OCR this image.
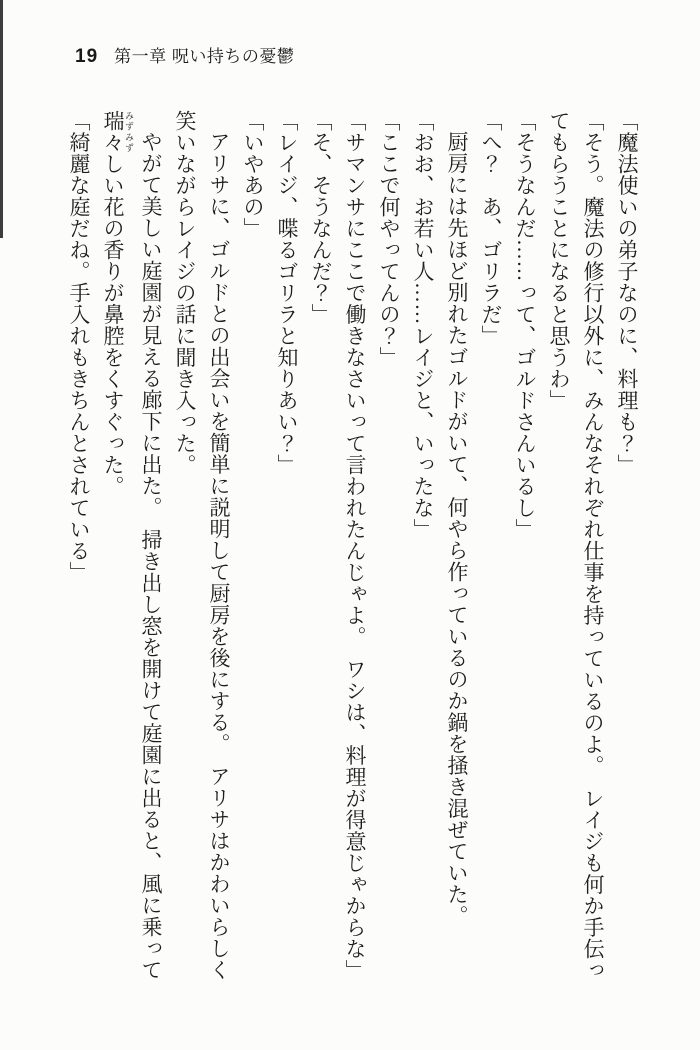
19 第一章 呪い持ちの憂鬱

「魔法使いの弟子なのに、料理も？」

「そう。魔法の修行以外に、みんなそれぞれ仕事を持っているのよ。　レイジも何か手伝っ

てもらうことになると思うわ」

「そうなんだ……って、ゴルドさんいるし」

「へ？　あ、ゴリラだ」

厨房には先ほど別れたゴルドがいて、何やら作っているのか鍋を掻き混ぜていた。

「おお、お若い人……レイジと、いったな」

「ここで何やってんの？」

「サマンサにここで働きなさいって言われたんじゃよ。　ワシは、料理が得意じゃからな」

「そ、そうなんだ？」

「レイジ、喋るゴリラと知りあい？」

「いやあの」

アリサに、ゴルドとの出会いを簡単に説明して厨房を後にする。　アリサはかわいらしく

笑いながらレイジの話に聞き入った。

やがて美しい庭園が見える廊下に出た。　掃き出し窓を開けて庭園に出ると、風に乗って

瑞々 みずみずしい花の香りが鼻腔をくすぐった。

「綺麗な庭だね。手入れもきちんとされている」
